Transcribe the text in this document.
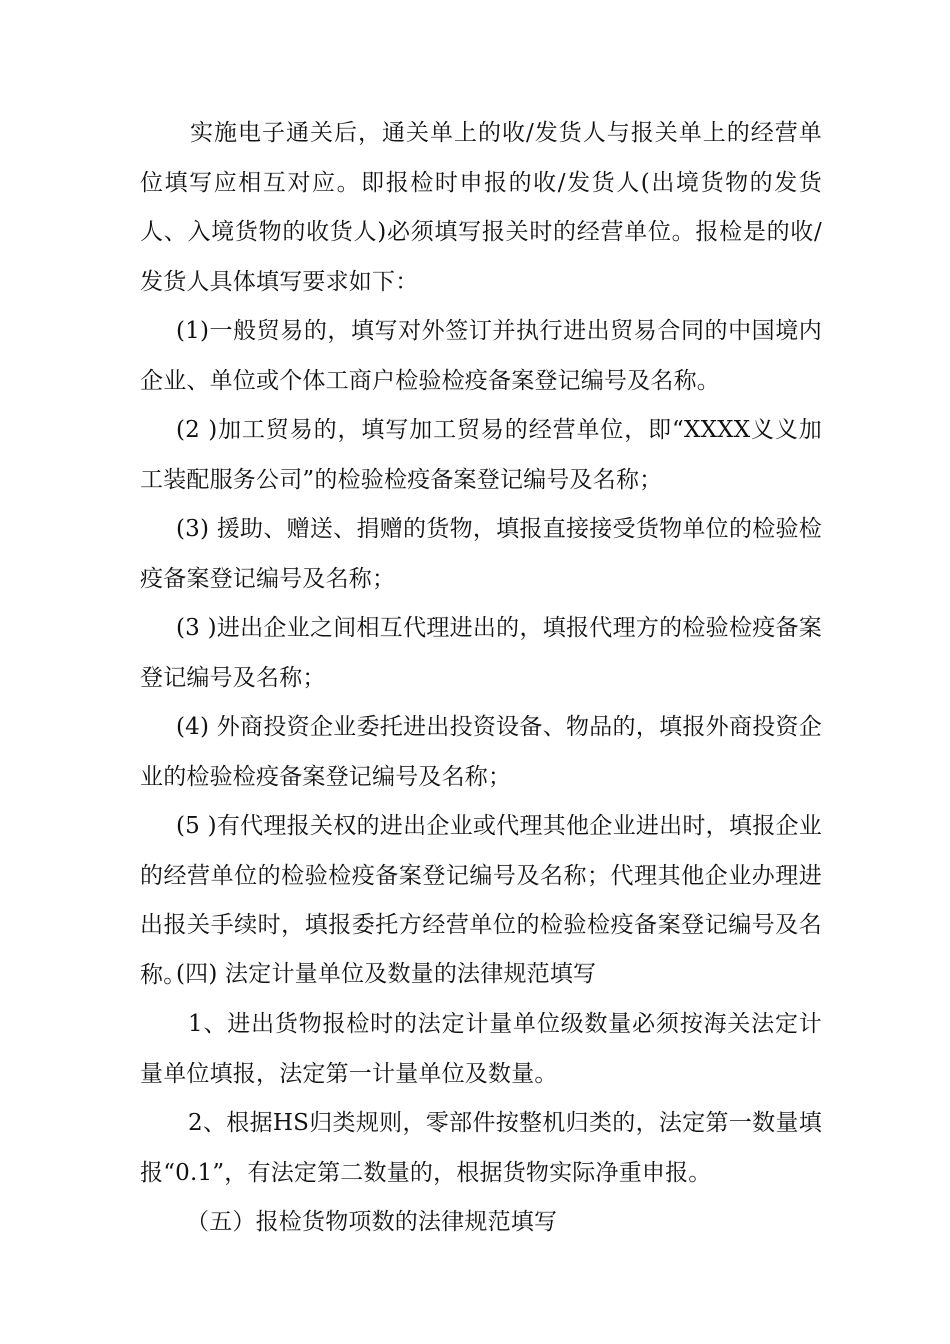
实施电子通关后，通关单上的收/发货人与报关单上的经营单位填写应相互对应。即报检时申报的收/发货人(出境货物的发货人、入境货物的收货人)必须填写报关时的经营单位。报检是的收/发货人具体填写要求如下：

(1)一般贸易的，填写对外签订并执行进出贸易合同的中国境内企业、单位或个体工商户检验检疫备案登记编号及名称。

(2 )加工贸易的，填写加工贸易的经营单位，即“XXXX义义加工装配服务公司”的检验检疫备案登记编号及名称；

(3) 援助、赠送、捐赠的货物，填报直接接受货物单位的检验检疫备案登记编号及名称；

(3 )进出企业之间相互代理进出的，填报代理方的检验检疫备案登记编号及名称；

(4) 外商投资企业委托进出投资设备、物品的，填报外商投资企业的检验检疫备案登记编号及名称；

(5 )有代理报关权的进出企业或代理其他企业进出时，填报企业的经营单位的检验检疫备案登记编号及名称；代理其他企业办理进出报关手续时，填报委托方经营单位的检验检疫备案登记编号及名称。

(四) 法定计量单位及数量的法律规范填写

1、进出货物报检时的法定计量单位级数量必须按海关法定计量单位填报，法定第一计量单位及数量。

2、根据HS归类规则，零部件按整机归类的，法定第一数量填报“0.1”，有法定第二数量的，根据货物实际净重申报。

（五）报检货物项数的法律规范填写
